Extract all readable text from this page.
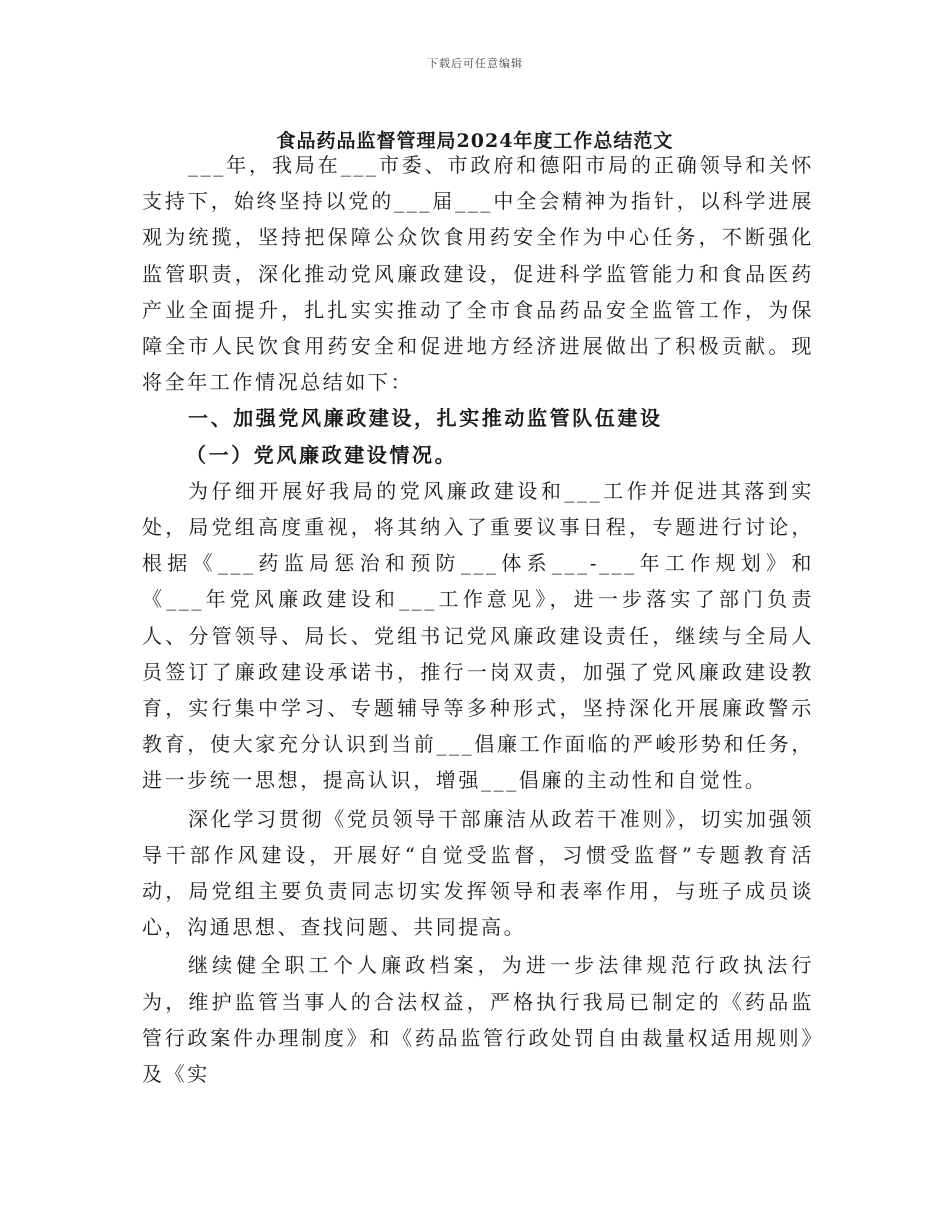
下载后可任意编辑
食品药品监督管理局2024年度工作总结范文

___年，我局在___市委、市政府和德阳市局的正确领导和关怀支持下，始终坚持以党的___届___中全会精神为指针，以科学进展观为统揽，坚持把保障公众饮食用药安全作为中心任务，不断强化监管职责，深化推动党风廉政建设，促进科学监管能力和食品医药产业全面提升，扎扎实实推动了全市食品药品安全监管工作，为保障全市人民饮食用药安全和促进地方经济进展做出了积极贡献。现将全年工作情况总结如下：

一、加强党风廉政建设，扎实推动监管队伍建设
（一）党风廉政建设情况。

为仔细开展好我局的党风廉政建设和___工作并促进其落到实处，局党组高度重视，将其纳入了重要议事日程，专题进行讨论，根据《___药监局惩治和预防___体系___-___年工作规划》和《___年党风廉政建设和___工作意见》，进一步落实了部门负责人、分管领导、局长、党组书记党风廉政建设责任，继续与全局人员签订了廉政建设承诺书，推行一岗双责，加强了党风廉政建设教育，实行集中学习、专题辅导等多种形式，坚持深化开展廉政警示教育，使大家充分认识到当前___倡廉工作面临的严峻形势和任务，进一步统一思想，提高认识，增强___倡廉的主动性和自觉性。

深化学习贯彻《党员领导干部廉洁从政若干准则》，切实加强领导干部作风建设，开展好“自觉受监督，习惯受监督”专题教育活动，局党组主要负责同志切实发挥领导和表率作用，与班子成员谈心，沟通思想、查找问题、共同提高。

继续健全职工个人廉政档案，为进一步法律规范行政执法行为，维护监管当事人的合法权益，严格执行我局已制定的《药品监管行政案件办理制度》和《药品监管行政处罚自由裁量权适用规则》及《实
